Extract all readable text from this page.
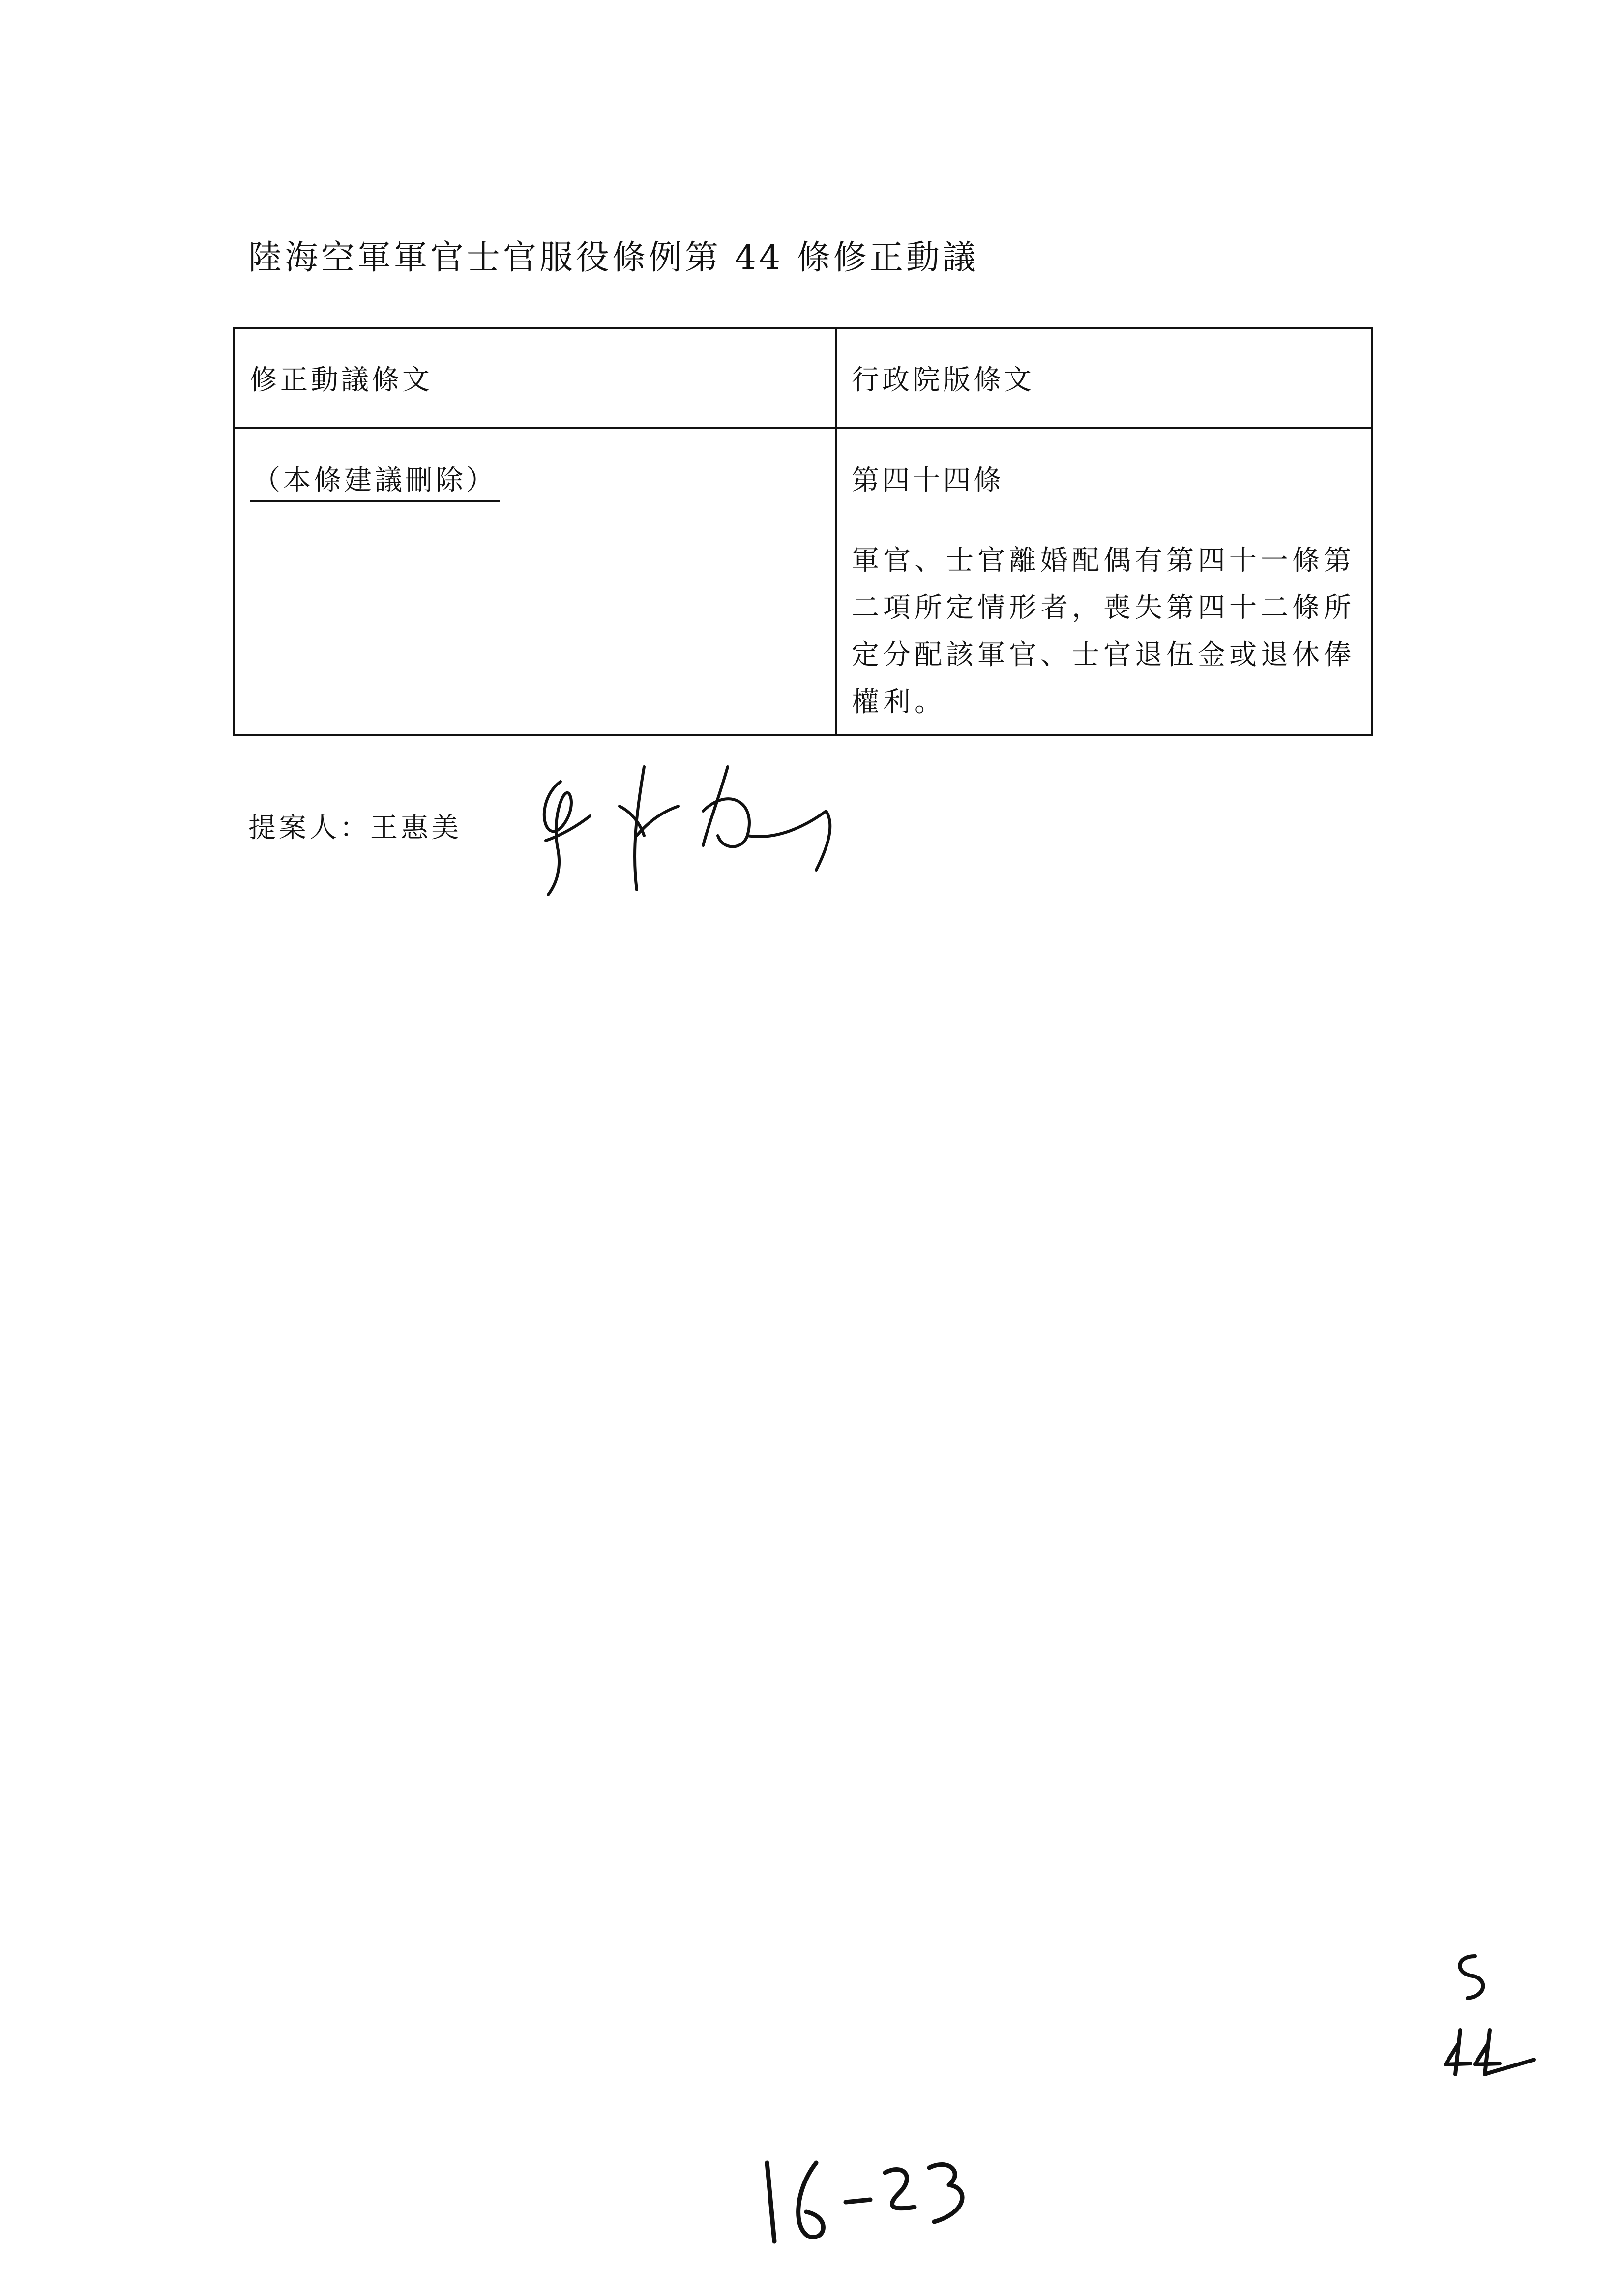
陸海空軍軍官士官服役條例第 44 條修正動議
修正動議條文	行政院版條文
（本條建議刪除）	第四十四條
軍官、士官離婚配偶有第四十一條第二項所定情形者，喪失第四十二條所定分配該軍官、士官退伍金或退休俸權利。
提案人：王惠美
